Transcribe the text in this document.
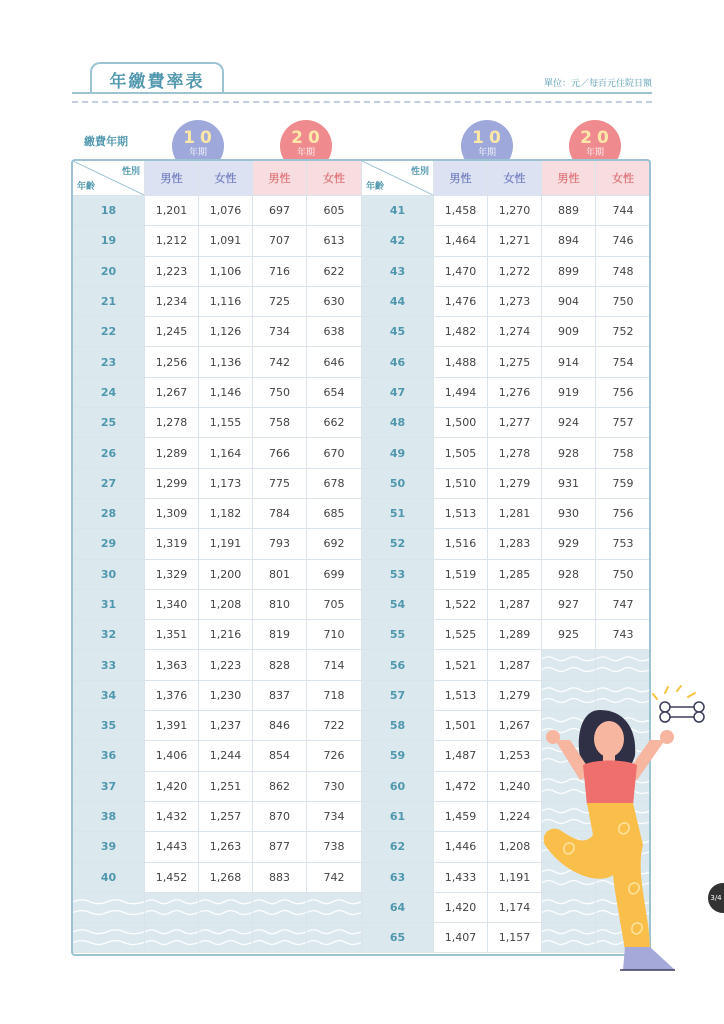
年繳費率表	單位：元／每百元住院日額
繳費年期	10
年期
20
年期
10
年期
20
年期
性別
年齡	男性	女性	男性	女性
18	1,201	1,076	697	605
19	1,212	1,091	707	613
20	1,223	1,106	716	622
21	1,234	1,116	725	630
22	1,245	1,126	734	638
23	1,256	1,136	742	646
24	1,267	1,146	750	654
25	1,278	1,155	758	662
26	1,289	1,164	766	670
27	1,299	1,173	775	678
28	1,309	1,182	784	685
29	1,319	1,191	793	692
30	1,329	1,200	801	699
31	1,340	1,208	810	705
32	1,351	1,216	819	710
33	1,363	1,223	828	714
34	1,376	1,230	837	718
35	1,391	1,237	846	722
36	1,406	1,244	854	726
37	1,420	1,251	862	730
38	1,432	1,257	870	734
39	1,443	1,263	877	738
40	1,452	1,268	883	742

性別
年齡	男性	女性	男性	女性
41	1,458	1,270	889	744
42	1,464	1,271	894	746
43	1,470	1,272	899	748
44	1,476	1,273	904	750
45	1,482	1,274	909	752
46	1,488	1,275	914	754
47	1,494	1,276	919	756
48	1,500	1,277	924	757
49	1,505	1,278	928	758
50	1,510	1,279	931	759
51	1,513	1,281	930	756
52	1,516	1,283	929	753
53	1,519	1,285	928	750
54	1,522	1,287	927	747
55	1,525	1,289	925	743
56	1,521	1,287	

57	1,513	1,279	

58	1,501	1,267	

59	1,487	1,253	

60	1,472	1,240	

61	1,459	1,224	

62	1,446	1,208	

63	1,433	1,191	

64	1,420	1,174	

65	1,407	1,157	

3/4
